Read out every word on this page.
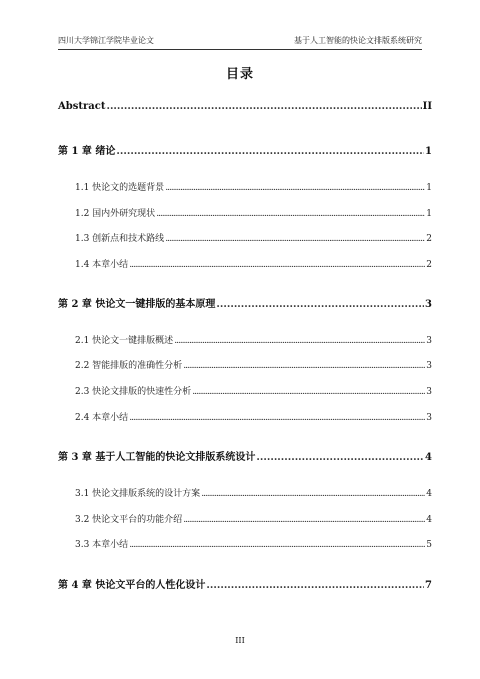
四川大学锦江学院毕业论文	基于人工智能的快论文排版系统研究
目录
Abstract .....	II
第 1 章 绪论 .....	1
1.1 快论文的选题背景 .....	1
1.2 国内外研究现状 .....	1
1.3 创新点和技术路线 .....	2
1.4 本章小结 .....	2
第 2 章 快论文一键排版的基本原理 .....	3
2.1 快论文一键排版概述 .....	3
2.2 智能排版的准确性分析 .....	3
2.3 快论文排版的快速性分析 .....	3
2.4 本章小结 .....	3
第 3 章 基于人工智能的快论文排版系统设计 .....	4
3.1 快论文排版系统的设计方案 .....	4
3.2 快论文平台的功能介绍 .....	4
3.3 本章小结 .....	5
第 4 章 快论文平台的人性化设计 .....	7
III
